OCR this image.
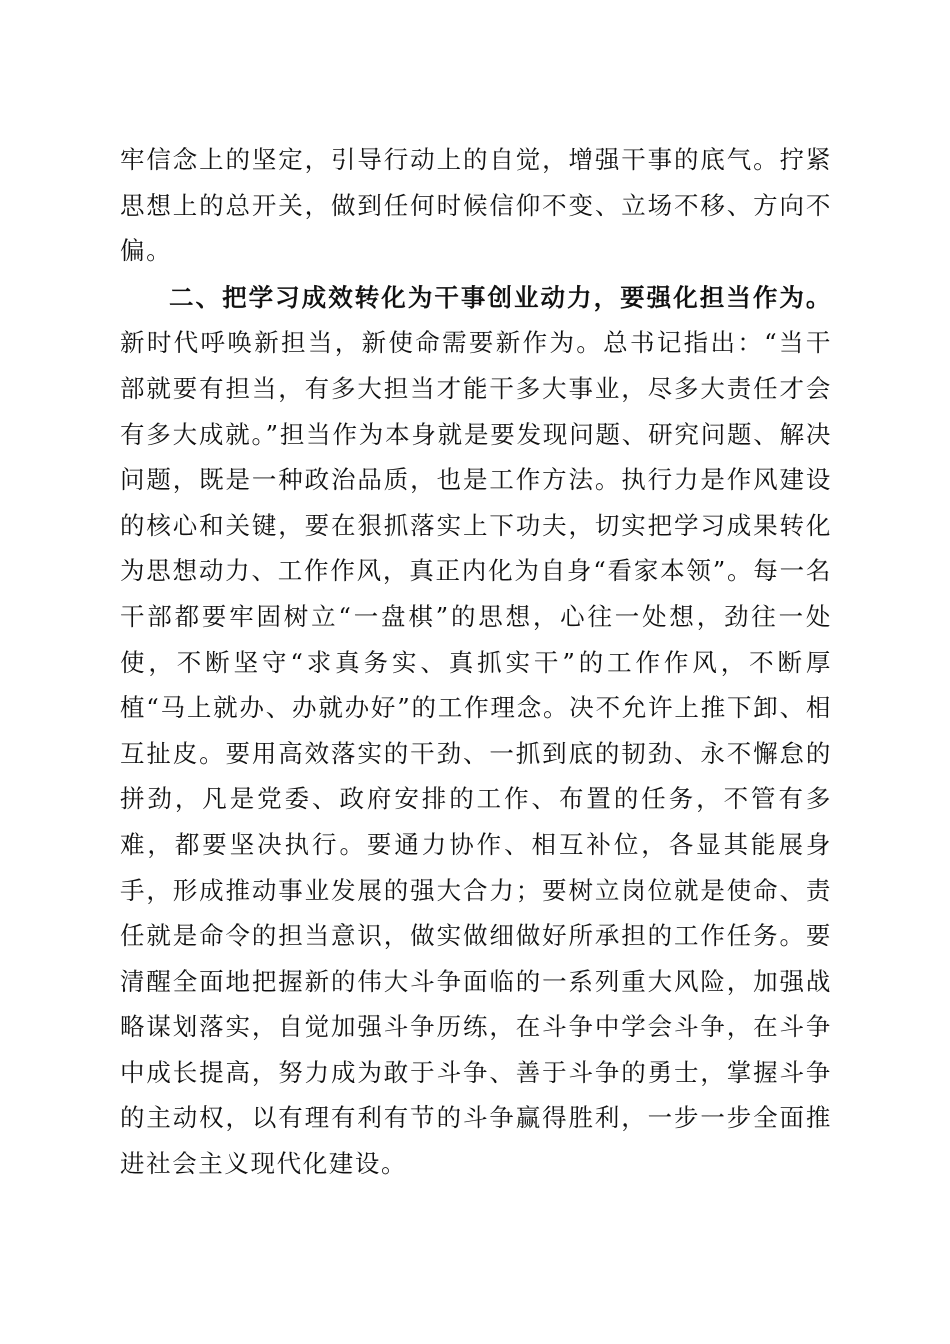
牢信念上的坚定，引导行动上的自觉，增强干事的底气。拧紧思想上的总开关，做到任何时候信仰不变、立场不移、方向不偏。

二、把学习成效转化为干事创业动力，要强化担当作为。新时代呼唤新担当，新使命需要新作为。总书记指出：“当干部就要有担当，有多大担当才能干多大事业，尽多大责任才会有多大成就。”担当作为本身就是要发现问题、研究问题、解决问题，既是一种政治品质，也是工作方法。执行力是作风建设的核心和关键，要在狠抓落实上下功夫，切实把学习成果转化为思想动力、工作作风，真正内化为自身“看家本领”。每一名干部都要牢固树立“一盘棋”的思想，心往一处想，劲往一处使，不断坚守“求真务实、真抓实干”的工作作风，不断厚植“马上就办、办就办好”的工作理念。决不允许上推下卸、相互扯皮。要用高效落实的干劲、一抓到底的韧劲、永不懈怠的拼劲，凡是党委、政府安排的工作、布置的任务，不管有多难，都要坚决执行。要通力协作、相互补位，各显其能展身手，形成推动事业发展的强大合力；要树立岗位就是使命、责任就是命令的担当意识，做实做细做好所承担的工作任务。要清醒全面地把握新的伟大斗争面临的一系列重大风险，加强战略谋划落实，自觉加强斗争历练，在斗争中学会斗争，在斗争中成长提高，努力成为敢于斗争、善于斗争的勇士，掌握斗争的主动权，以有理有利有节的斗争赢得胜利，一步一步全面推进社会主义现代化建设。
